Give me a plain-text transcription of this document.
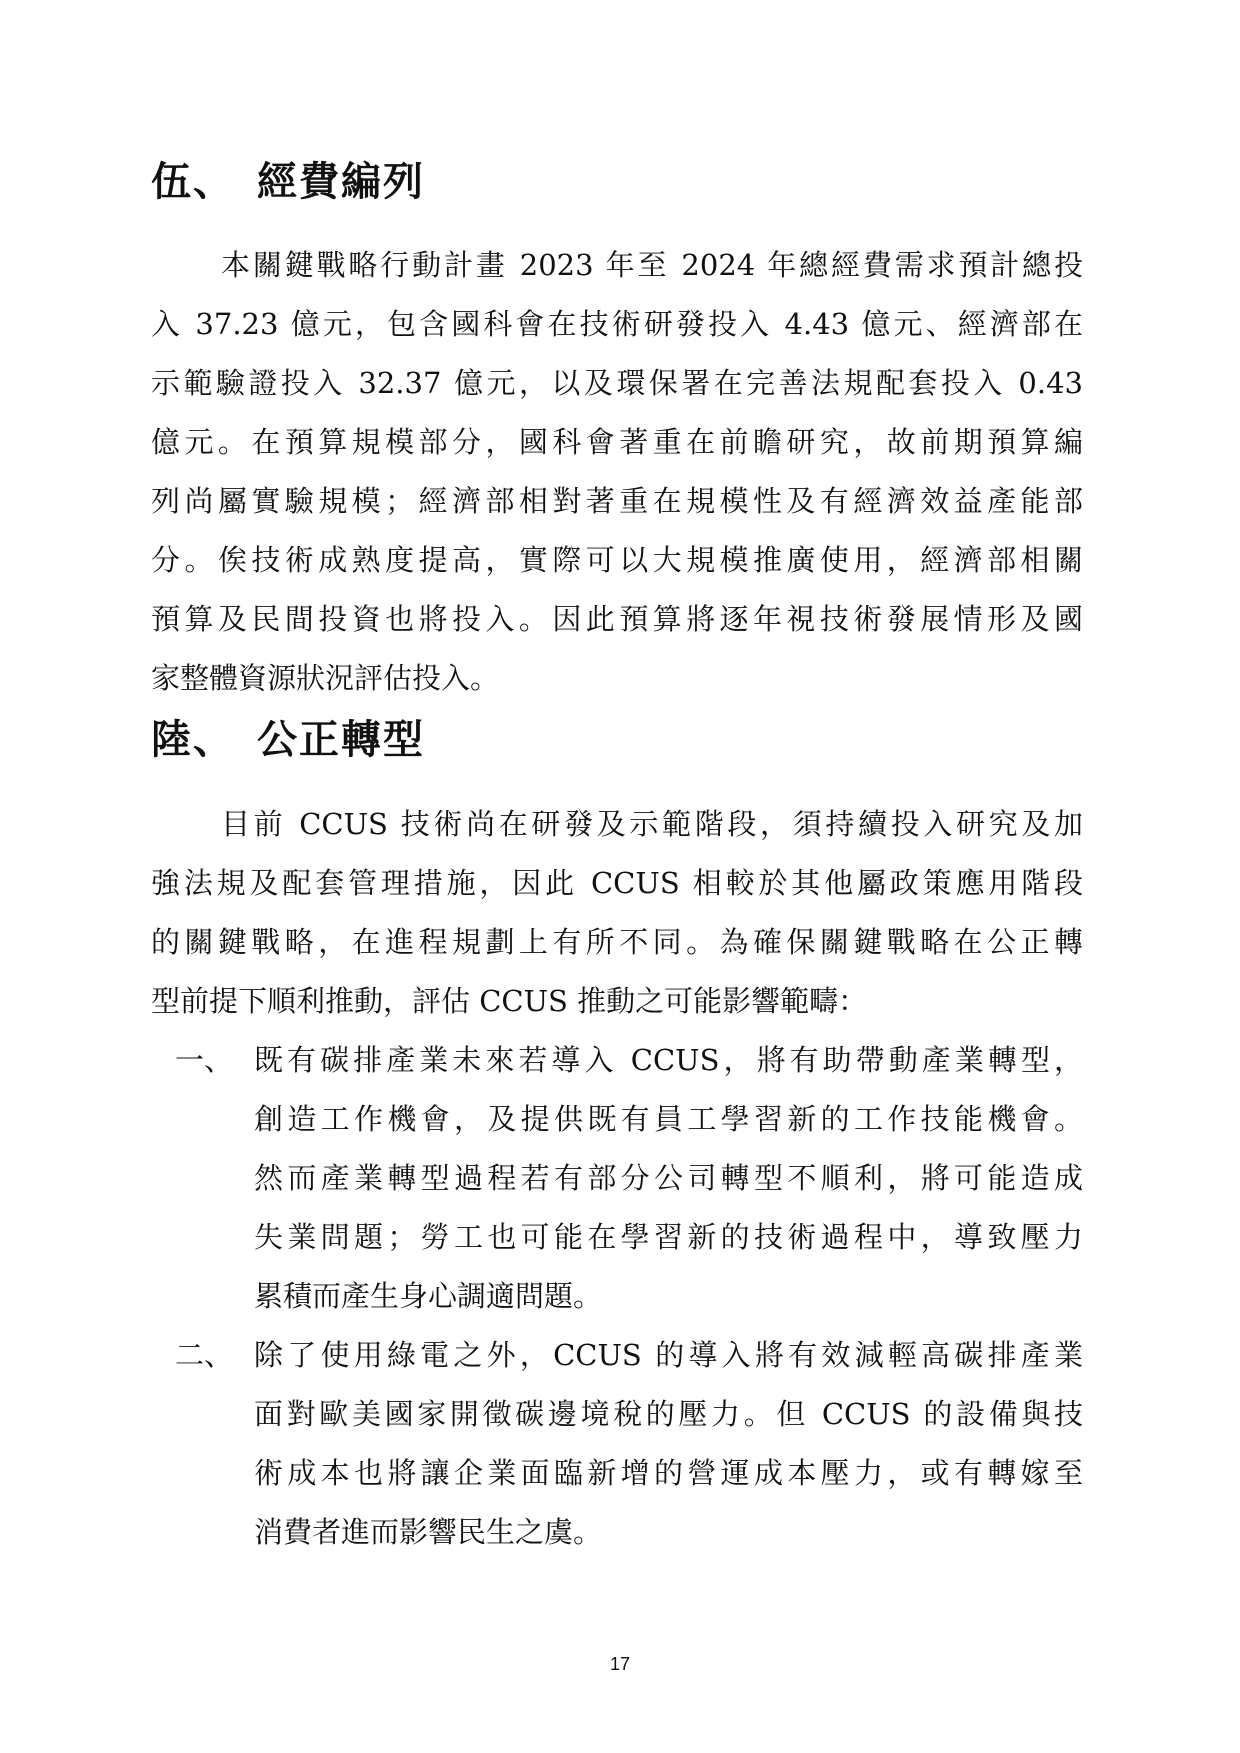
伍、 經費編列
本關鍵戰略行動計畫 2023 年至 2024 年總經費需求預計總投
入 37.23 億元，包含國科會在技術研發投入 4.43 億元、經濟部在
示範驗證投入 32.37 億元，以及環保署在完善法規配套投入 0.43
億元。在預算規模部分，國科會著重在前瞻研究，故前期預算編
列尚屬實驗規模；經濟部相對著重在規模性及有經濟效益產能部
分。俟技術成熟度提高，實際可以大規模推廣使用，經濟部相關
預算及民間投資也將投入。因此預算將逐年視技術發展情形及國
家整體資源狀況評估投入。
陸、 公正轉型
目前 CCUS 技術尚在研發及示範階段，須持續投入研究及加
強法規及配套管理措施，因此 CCUS 相較於其他屬政策應用階段
的關鍵戰略，在進程規劃上有所不同。為確保關鍵戰略在公正轉
型前提下順利推動，評估 CCUS 推動之可能影響範疇：
一、 既有碳排產業未來若導入 CCUS，將有助帶動產業轉型，
創造工作機會，及提供既有員工學習新的工作技能機會。
然而產業轉型過程若有部分公司轉型不順利，將可能造成
失業問題；勞工也可能在學習新的技術過程中，導致壓力
累積而產生身心調適問題。
二、 除了使用綠電之外，CCUS 的導入將有效減輕高碳排產業
面對歐美國家開徵碳邊境稅的壓力。但 CCUS 的設備與技
術成本也將讓企業面臨新增的營運成本壓力，或有轉嫁至
消費者進而影響民生之虞。
17
